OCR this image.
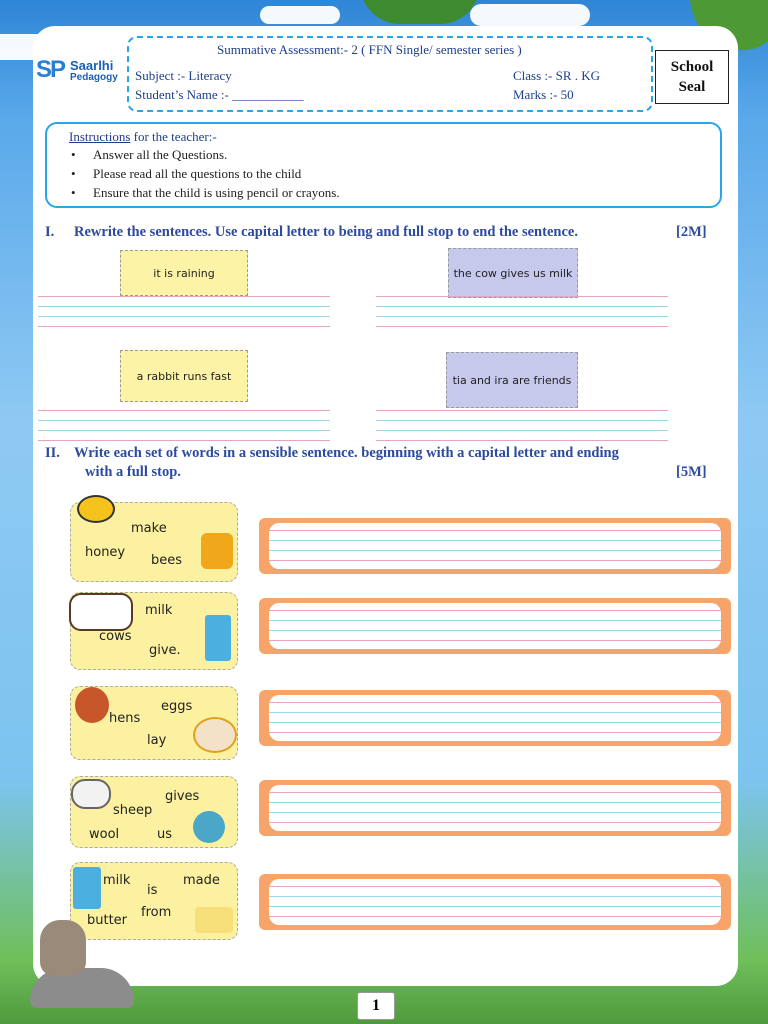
SP Saarlhi
Pedagogy
Summative Assessment:- 2 ( FFN Single/ semester series )
Subject :- Literacy	Class :- SR . KG
Student’s Name :- ___________	Marks :- 50
School
Seal
Instructions for the teacher:-
• Answer all the Questions.
• Please read all the questions to the child
• Ensure that the child is using pencil or crayons.
I. Rewrite the sentences. Use capital letter to being and full stop to end the sentence.	[2M]
it is raining	the cow gives us milk
a rabbit runs fast	tia and ira are friends
II. Write each set of words in a sensible sentence. beginning with a capital letter and ending
with a full stop.	[5M]
make
honey
bees
milk
cows
give.
eggs
hens
lay
gives
sheep
wool	us
milk	made
is
from
butter
1
